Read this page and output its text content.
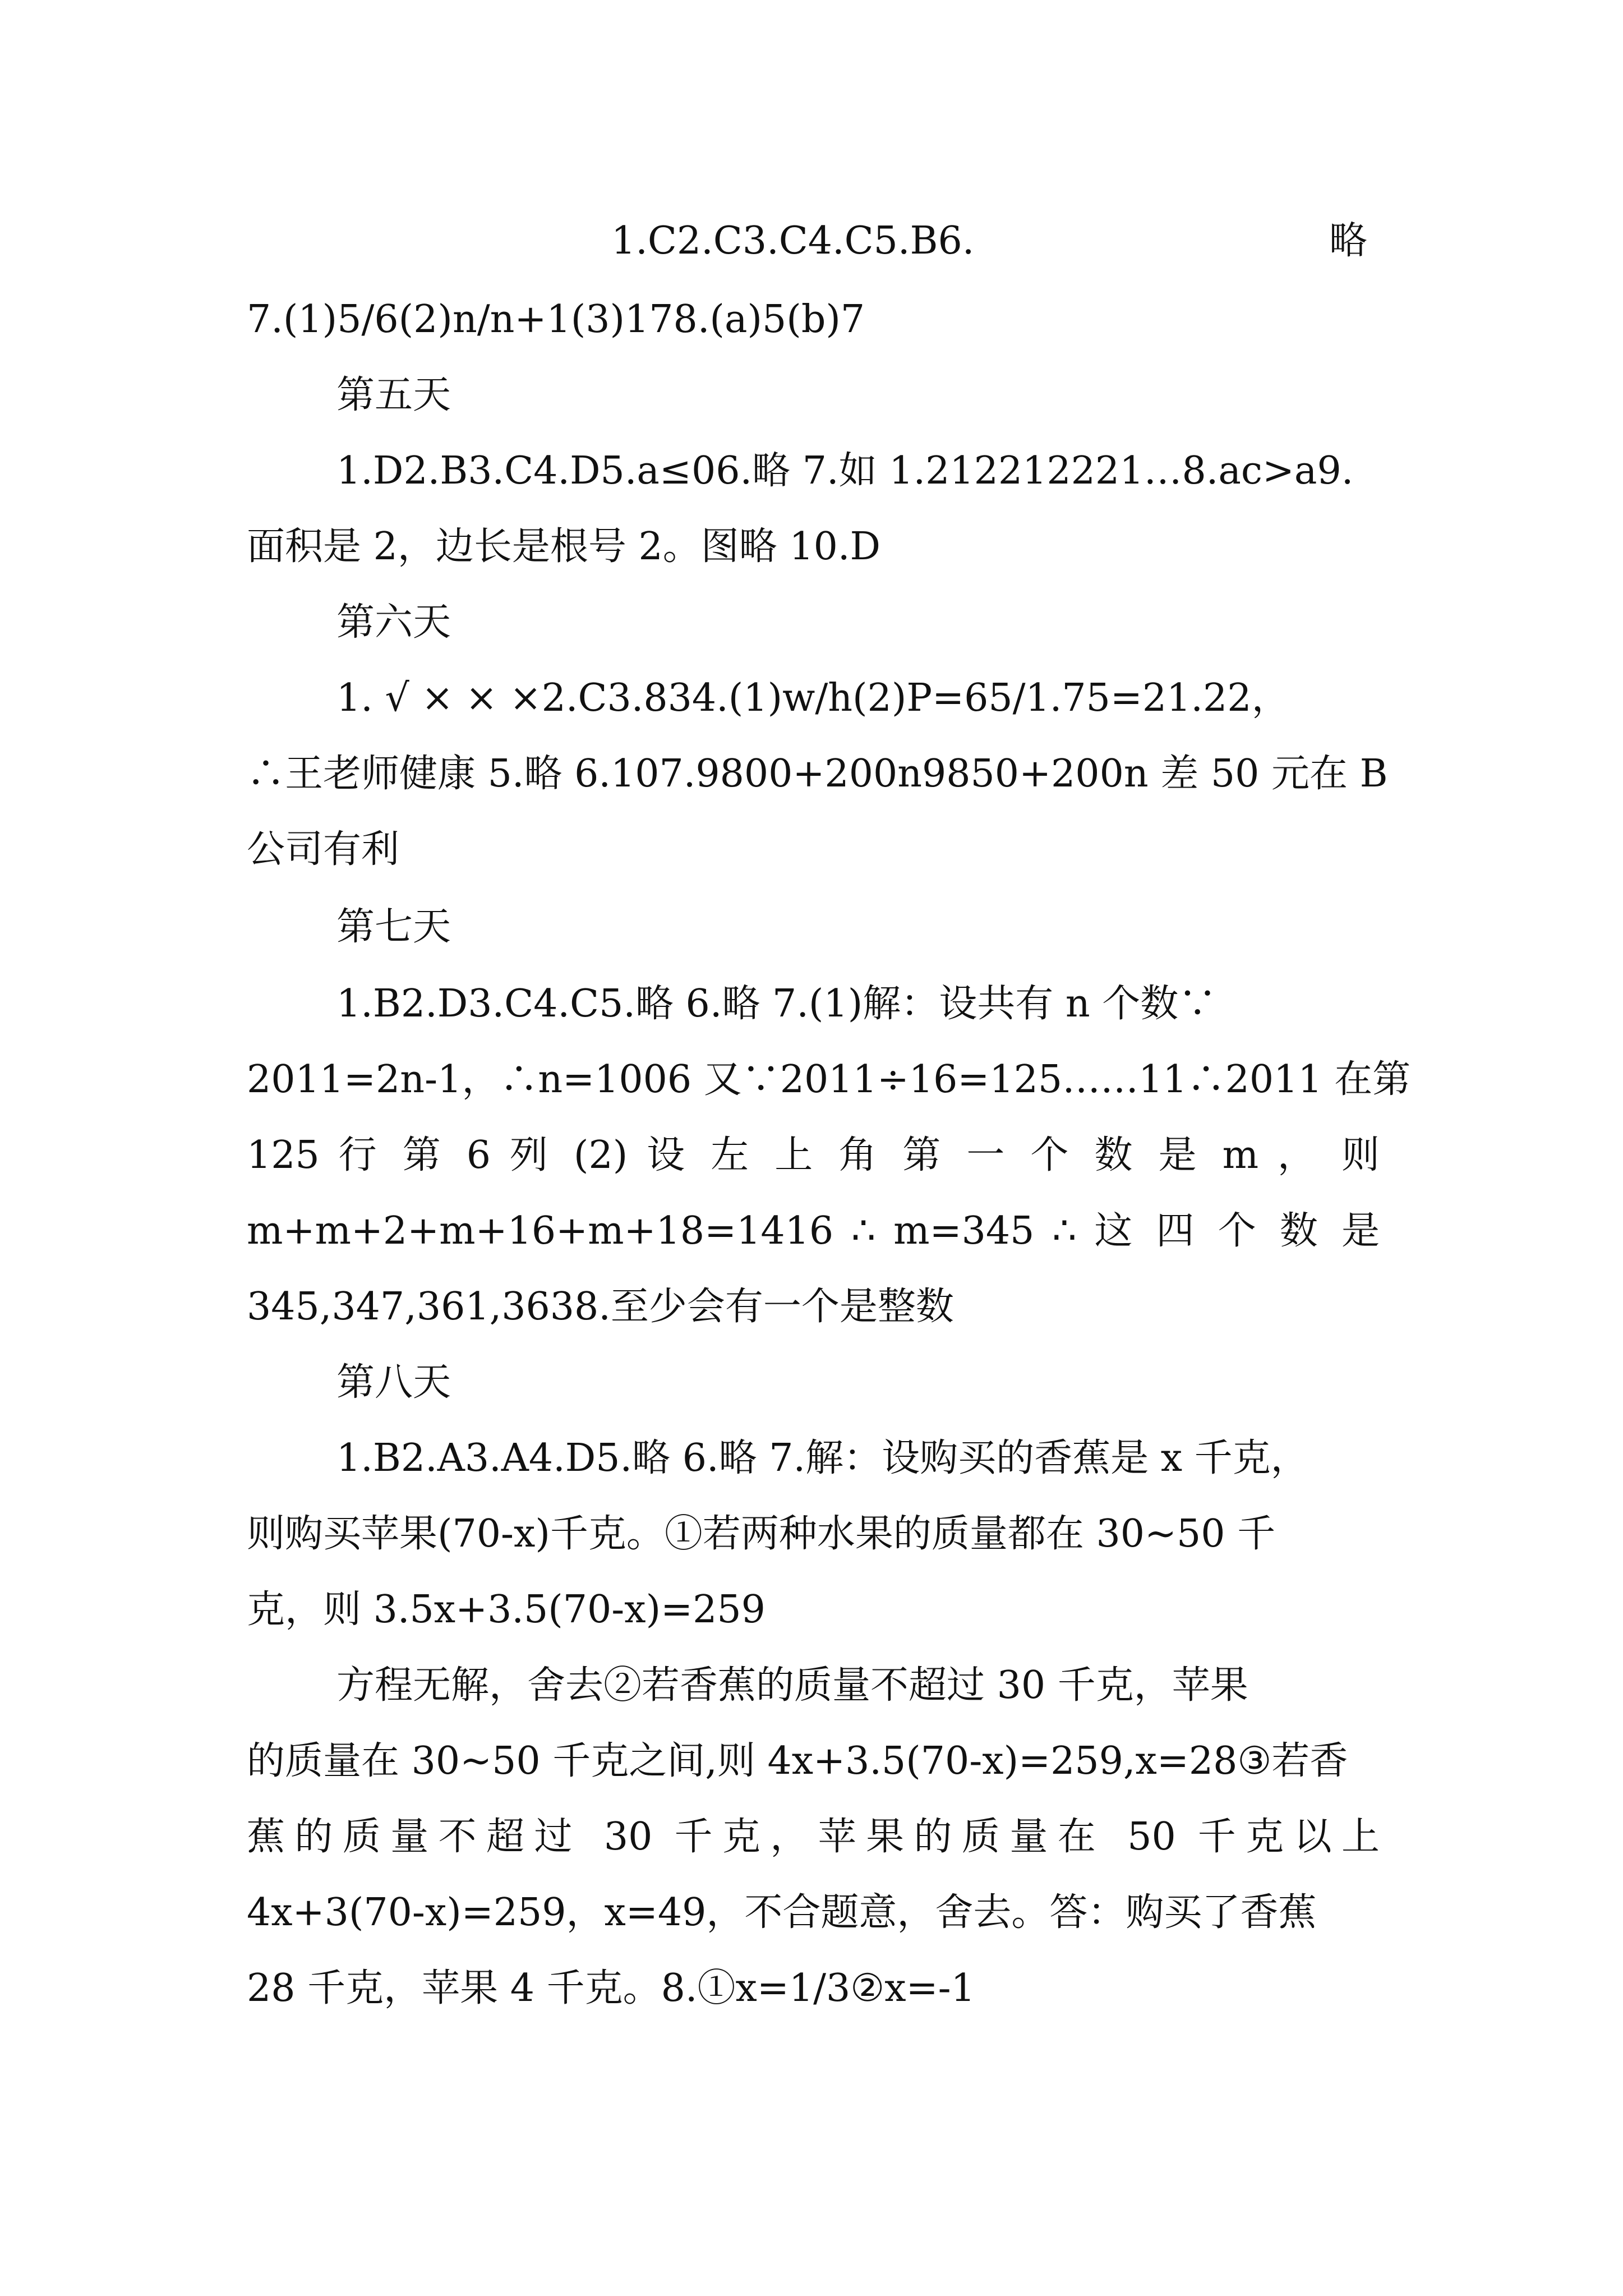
1.C2.C3.C4.C5.B6.	略
7.(1)5/6(2)n/n+1(3)178.(a)5(b)7
第五天
1.D2.B3.C4.D5.a≤06.略 7.如 1.212212221…8.ac>a9.
面积是 2，边长是根号 2。图略 10.D
第六天
1. √ × × ×2.C3.834.(1)w/h(2)P=65/1.75=21.22，
∴王老师健康 5.略 6.107.9800+200n9850+200n 差 50 元在 B
公司有利
第七天
1.B2.D3.C4.C5.略 6.略 7.(1)解：设共有 n 个数∵
2011=2n-1，∴n=1006 又∵2011÷16=125……11∴2011 在第
125 行 第 6 列 (2) 设 左 上 角 第 一 个 数 是 m ， 则
m+m+2+m+16+m+18=1416 ∴ m=345 ∴ 这 四 个 数 是
345,347,361,3638.至少会有一个是整数
第八天
1.B2.A3.A4.D5.略 6.略 7.解：设购买的香蕉是 x 千克，
则购买苹果(70-x)千克。①若两种水果的质量都在 30~50 千
克，则 3.5x+3.5(70-x)=259
方程无解，舍去②若香蕉的质量不超过 30 千克，苹果
的质量在 30~50 千克之间,则 4x+3.5(70-x)=259,x=28③若香
蕉的质量不超过 30 千克，苹果的质量在 50 千克以上
4x+3(70-x)=259，x=49，不合题意，舍去。答：购买了香蕉
28 千克，苹果 4 千克。8.①x=1/3②x=-1
